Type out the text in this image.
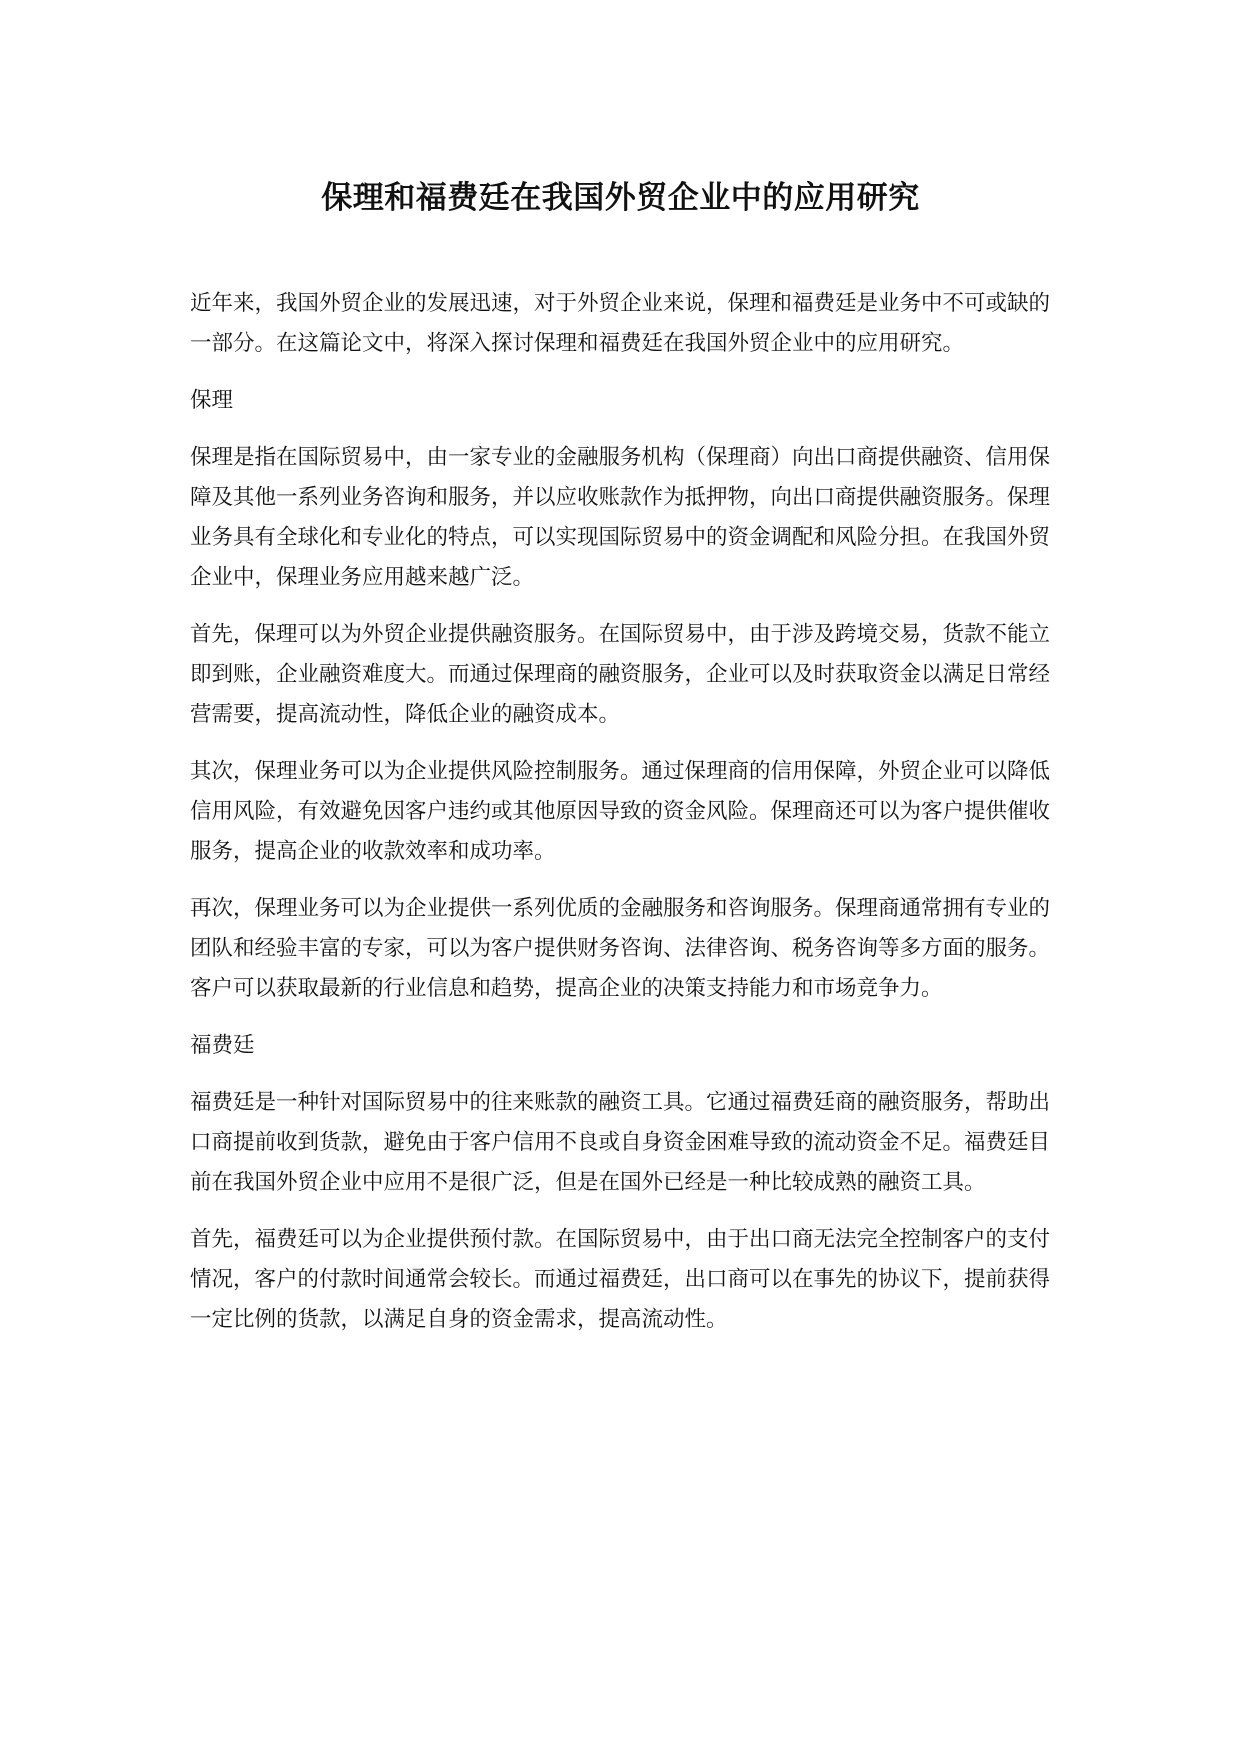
保理和福费廷在我国外贸企业中的应用研究

近年来，我国外贸企业的发展迅速，对于外贸企业来说，保理和福费廷是业务中不可或缺的一部分。在这篇论文中，将深入探讨保理和福费廷在我国外贸企业中的应用研究。

保理

保理是指在国际贸易中，由一家专业的金融服务机构（保理商）向出口商提供融资、信用保障及其他一系列业务咨询和服务，并以应收账款作为抵押物，向出口商提供融资服务。保理业务具有全球化和专业化的特点，可以实现国际贸易中的资金调配和风险分担。在我国外贸企业中，保理业务应用越来越广泛。

首先，保理可以为外贸企业提供融资服务。在国际贸易中，由于涉及跨境交易，货款不能立即到账，企业融资难度大。而通过保理商的融资服务，企业可以及时获取资金以满足日常经营需要，提高流动性，降低企业的融资成本。

其次，保理业务可以为企业提供风险控制服务。通过保理商的信用保障，外贸企业可以降低信用风险，有效避免因客户违约或其他原因导致的资金风险。保理商还可以为客户提供催收服务，提高企业的收款效率和成功率。

再次，保理业务可以为企业提供一系列优质的金融服务和咨询服务。保理商通常拥有专业的团队和经验丰富的专家，可以为客户提供财务咨询、法律咨询、税务咨询等多方面的服务。客户可以获取最新的行业信息和趋势，提高企业的决策支持能力和市场竞争力。

福费廷

福费廷是一种针对国际贸易中的往来账款的融资工具。它通过福费廷商的融资服务，帮助出口商提前收到货款，避免由于客户信用不良或自身资金困难导致的流动资金不足。福费廷目前在我国外贸企业中应用不是很广泛，但是在国外已经是一种比较成熟的融资工具。

首先，福费廷可以为企业提供预付款。在国际贸易中，由于出口商无法完全控制客户的支付情况，客户的付款时间通常会较长。而通过福费廷，出口商可以在事先的协议下，提前获得一定比例的货款，以满足自身的资金需求，提高流动性。
